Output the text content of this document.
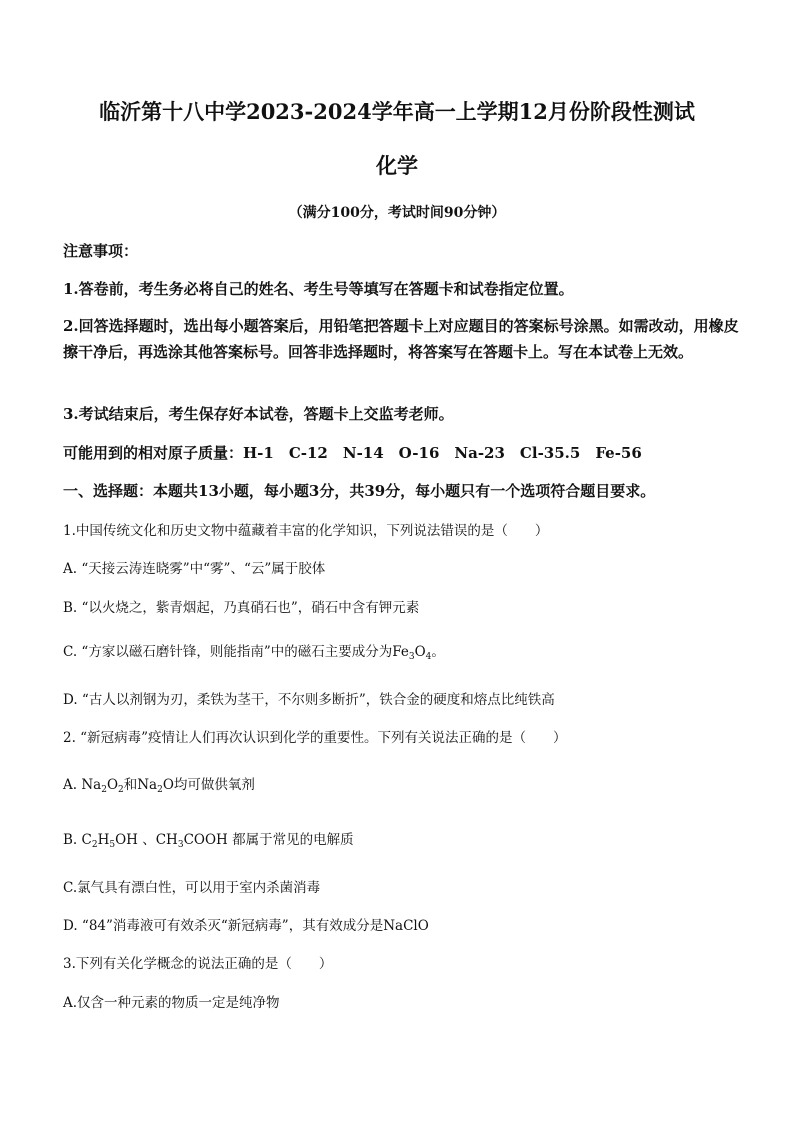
临沂第十八中学2023-2024学年高一上学期12月份阶段性测试
化学
（满分100分，考试时间90分钟）
注意事项：
1.答卷前，考生务必将自己的姓名、考生号等填写在答题卡和试卷指定位置。
2.回答选择题时，选出每小题答案后，用铅笔把答题卡上对应题目的答案标号涂黑。如需改动，用橡皮擦干净后，再选涂其他答案标号。回答非选择题时，将答案写在答题卡上。写在本试卷上无效。
3.考试结束后，考生保存好本试卷，答题卡上交监考老师。
可能用到的相对原子质量：H-1　C-12　N-14　O-16　Na-23　Cl-35.5　Fe-56
一、选择题：本题共13小题，每小题3分，共39分，每小题只有一个选项符合题目要求。
1.中国传统文化和历史文物中蕴藏着丰富的化学知识，下列说法错误的是（　　）
A. “天接云涛连晓雾”中“雾”、“云”属于胶体
B. “以火烧之，紫青烟起，乃真硝石也”，硝石中含有钾元素
C. “方家以磁石磨针锋，则能指南”中的磁石主要成分为$Fe_3O_4$。
D. “古人以剂钢为刃，柔铁为茎干，不尔则多断折”，铁合金的硬度和熔点比纯铁高
2. “新冠病毒”疫情让人们再次认识到化学的重要性。下列有关说法正确的是（　　）
A. $Na_2O_2$和$Na_2O$均可做供氧剂
B. $C_2H_5OH$ 、$CH_3COOH$ 都属于常见的电解质
C.氯气具有漂白性，可以用于室内杀菌消毒
D. “84”消毒液可有效杀灭“新冠病毒”，其有效成分是NaClO
3.下列有关化学概念的说法正确的是（　　）
A.仅含一种元素的物质一定是纯净物
